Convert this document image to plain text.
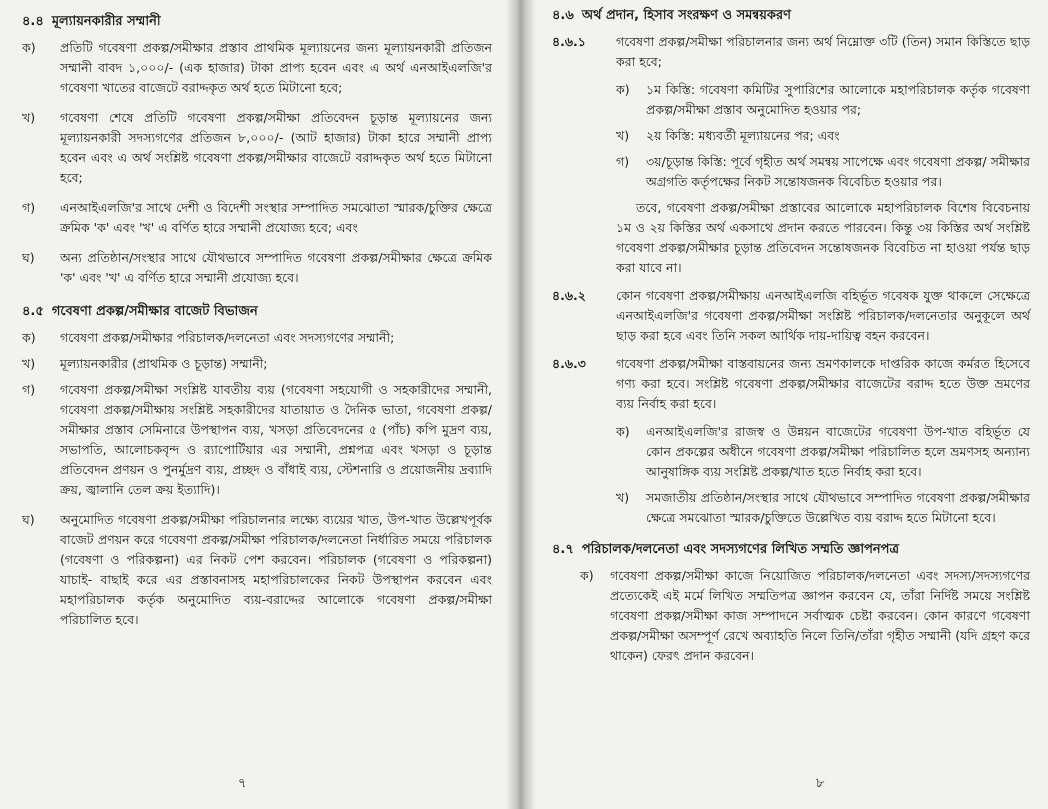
৪.৪ মূল্যায়নকারীর সম্মানী
ক)	প্রতিটি গবেষণা প্রকল্প/সমীক্ষার প্রস্তাব প্রাথমিক মূল্যায়নের জন্য মূল্যায়নকারী প্রতিজন সম্মানী বাবদ ১,০০০/- (এক হাজার) টাকা প্রাপ্য হবেন এবং এ অর্থ এনআইএলজি'র গবেষণা খাতের বাজেটে বরাদ্দকৃত অর্থ হতে মিটানো হবে;
খ)	গবেষণা শেষে প্রতিটি গবেষণা প্রকল্প/সমীক্ষা প্রতিবেদন চূড়ান্ত মূল্যায়নের জন্য মূল্যায়নকারী সদস্যগণের প্রতিজন ৮,০০০/- (আট হাজার) টাকা হারে সম্মানী প্রাপ্য হবেন এবং এ অর্থ সংশ্লিষ্ট গবেষণা প্রকল্প/সমীক্ষার বাজেটে বরাদ্দকৃত অর্থ হতে মিটানো হবে;
গ)	এনআইএলজি'র সাথে দেশী ও বিদেশী সংস্থার সম্পাদিত সমঝোতা স্মারক/চুক্তির ক্ষেত্রে ক্রমিক 'ক' এবং 'খ' এ বর্ণিত হারে সম্মানী প্রযোজ্য হবে; এবং
ঘ)	অন্য প্রতিষ্ঠান/সংস্থার সাথে যৌথভাবে সম্পাদিত গবেষণা প্রকল্প/সমীক্ষার ক্ষেত্রে ক্রমিক 'ক' এবং 'খ' এ বর্ণিত হারে সম্মানী প্রযোজ্য হবে।
৪.৫ গবেষণা প্রকল্প/সমীক্ষার বাজেট বিভাজন
ক)	গবেষণা প্রকল্প/সমীক্ষার পরিচালক/দলনেতা এবং সদস্যগণের সম্মানী;
খ)	মূল্যায়নকারীর (প্রাথমিক ও চূড়ান্ত) সম্মানী;
গ)	গবেষণা প্রকল্প/সমীক্ষা সংশ্লিষ্ট যাবতীয় ব্যয় (গবেষণা সহযোগী ও সহকারীদের সম্মানী, গবেষণা প্রকল্প/সমীক্ষায় সংশ্লিষ্ট সহকারীদের যাতায়াত ও দৈনিক ভাতা, গবেষণা প্রকল্প/সমীক্ষার প্রস্তাব সেমিনারে উপস্থাপন ব্যয়, খসড়া প্রতিবেদনের ৫ (পাঁচ) কপি মুদ্রণ ব্যয়, সভাপতি, আলোচকবৃন্দ ও র‍্যাপোর্টিয়ার এর সম্মানী, প্রশ্নপত্র এবং খসড়া ও চূড়ান্ত প্রতিবেদন প্রণয়ন ও পুনর্মুদ্রণ ব্যয়, প্রচ্ছদ ও বাঁধাই ব্যয়, স্টেশনারি ও প্রয়োজনীয় দ্রব্যাদি ক্রয়, জ্বালানি তেল ক্রয় ইত্যাদি)।
ঘ)	অনুমোদিত গবেষণা প্রকল্প/সমীক্ষা পরিচালনার লক্ষ্যে ব্যয়ের খাত, উপ-খাত উল্লেখপূর্বক বাজেট প্রণয়ন করে গবেষণা প্রকল্প/সমীক্ষা পরিচালক/দলনেতা নির্ধারিত সময়ে পরিচালক (গবেষণা ও পরিকল্পনা) এর নিকট পেশ করবেন। পরিচালক (গবেষণা ও পরিকল্পনা) যাচাই- বাছাই করে এর প্রস্তাবনাসহ মহাপরিচালকের নিকট উপস্থাপন করবেন এবং মহাপরিচালক কর্তৃক অনুমোদিত ব্যয়-বরাদ্দের আলোকে গবেষণা প্রকল্প/সমীক্ষা পরিচালিত হবে।
৭
৪.৬ অর্থ প্রদান, হিসাব সংরক্ষণ ও সমন্বয়করণ
৪.৬.১	গবেষণা প্রকল্প/সমীক্ষা পরিচালনার জন্য অর্থ নিম্নোক্ত ৩টি (তিন) সমান কিস্তিতে ছাড় করা হবে;
ক)	১ম কিস্তি: গবেষণা কমিটির সুপারিশের আলোকে মহাপরিচালক কর্তৃক গবেষণা প্রকল্প/সমীক্ষা প্রস্তাব অনুমোদিত হওয়ার পর;
খ)	২য় কিস্তি: মধ্যবর্তী মূল্যায়নের পর; এবং
গ)	৩য়/চূড়ান্ত কিস্তি: পূর্বে গৃহীত অর্থ সমন্বয় সাপেক্ষে এবং গবেষণা প্রকল্প/ সমীক্ষার অগ্রগতি কর্তৃপক্ষের নিকট সন্তোষজনক বিবেচিত হওয়ার পর।
তবে, গবেষণা প্রকল্প/সমীক্ষা প্রস্তাবের আলোকে মহাপরিচালক বিশেষ বিবেচনায় ১ম ও ২য় কিস্তির অর্থ একসাথে প্রদান করতে পারবেন। কিন্তু ৩য় কিস্তির অর্থ সংশ্লিষ্ট গবেষণা প্রকল্প/সমীক্ষার চূড়ান্ত প্রতিবেদন সন্তোষজনক বিবেচিত না হাওয়া পর্যন্ত ছাড় করা যাবে না।
৪.৬.২	কোন গবেষণা প্রকল্প/সমীক্ষায় এনআইএলজি বহির্ভূত গবেষক যুক্ত থাকলে সেক্ষেত্রে এনআইএলজি'র গবেষণা প্রকল্প/সমীক্ষা সংশ্লিষ্ট পরিচালক/দলনেতার অনুকূলে অর্থ ছাড় করা হবে এবং তিনি সকল আর্থিক দায়-দায়িত্ব বহন করবেন।
৪.৬.৩	গবেষণা প্রকল্প/সমীক্ষা বাস্তবায়নের জন্য ভ্রমণকালকে দাপ্তরিক কাজে কর্মরত হিসেবে গণ্য করা হবে। সংশ্লিষ্ট গবেষণা প্রকল্প/সমীক্ষার বাজেটের বরাদ্দ হতে উক্ত ভ্রমণের ব্যয় নির্বাহ করা হবে।
ক)	এনআইএলজি'র রাজস্ব ও উন্নয়ন বাজেটের গবেষণা উপ-খাত বহির্ভূত যে কোন প্রকল্পের অধীনে গবেষণা প্রকল্প/সমীক্ষা পরিচালিত হলে ভ্রমণসহ অন্যান্য আনুষাঙ্গিক ব্যয় সংশ্লিষ্ট প্রকল্প/খাত হতে নির্বাহ করা হবে।
খ)	সমজাতীয় প্রতিষ্ঠান/সংস্থার সাথে যৌথভাবে সম্পাদিত গবেষণা প্রকল্প/সমীক্ষার ক্ষেত্রে সমঝোতা স্মারক/চুক্তিতে উল্লেখিত ব্যয় বরাদ্দ হতে মিটানো হবে।
৪.৭ পরিচালক/দলনেতা এবং সদস্যগণের লিখিত সম্মতি জ্ঞাপনপত্র
ক)	গবেষণা প্রকল্প/সমীক্ষা কাজে নিয়োজিত পরিচালক/দলনেতা এবং সদস্য/সদস্যগণের প্রত্যেকেই এই মর্মে লিখিত সম্মতিপত্র জ্ঞাপন করবেন যে, তাঁরা নির্দিষ্ট সময়ে সংশ্লিষ্ট গবেষণা প্রকল্প/সমীক্ষা কাজ সম্পাদনে সর্বাত্মক চেষ্টা করবেন। কোন কারণে গবেষণা প্রকল্প/সমীক্ষা অসম্পূর্ণ রেখে অব্যাহতি নিলে তিনি/তাঁরা গৃহীত সম্মানী (যদি গ্রহণ করে থাকেন) ফেরৎ প্রদান করবেন।
৮
